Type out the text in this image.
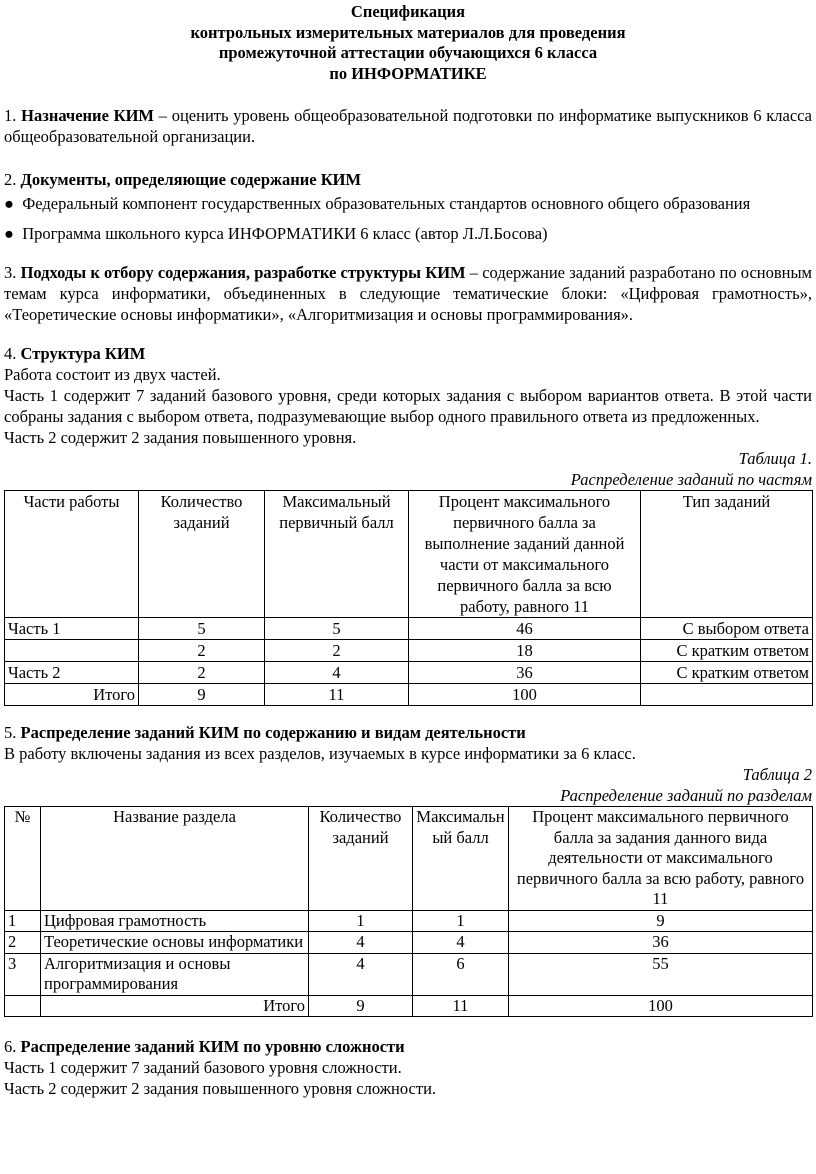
Спецификация
контрольных измерительных материалов для проведения
промежуточной аттестации обучающихся 6 класса
по ИНФОРМАТИКЕ

1. Назначение КИМ – оценить уровень общеобразовательной подготовки по информатике выпускников 6 класса общеобразовательной организации.

2. Документы, определяющие содержание КИМ

● Федеральный компонент государственных образовательных стандартов основного общего образования

● Программа школьного курса ИНФОРМАТИКИ 6 класс (автор Л.Л.Босова)

3. Подходы к отбору содержания, разработке структуры КИМ – содержание заданий разработано по основным темам курса информатики, объединенных в следующие тематические блоки: «Цифровая грамотность», «Теоретические основы информатики», «Алгоритмизация и основы программирования».

4. Структура КИМ

Работа состоит из двух частей.

Часть 1 содержит 7 заданий базового уровня, среди которых задания с выбором вариантов ответа. В этой части собраны задания с выбором ответа, подразумевающие выбор одного правильного ответа из предложенных.

Часть 2 содержит 2 задания повышенного уровня.

Таблица 1.

Распределение заданий по частям

Части работы	Количество заданий	Максимальный первичный балл	Процент максимального первичного балла за выполнение заданий данной части от максимального первичного балла за всю работу, равного 11	Тип заданий
Часть 1	5	5	46	С выбором ответа
	2	2	18	С кратким ответом
Часть 2	2	4	36	С кратким ответом
Итого	9	11	100	

5. Распределение заданий КИМ по содержанию и видам деятельности

В работу включены задания из всех разделов, изучаемых в курсе информатики за 6 класс.

Таблица 2

Распределение заданий по разделам

№	Название раздела	Количество заданий	Максимальный балл	Процент максимального первичного балла за задания данного вида деятельности от максимального первичного балла за всю работу, равного 11
1	Цифровая грамотность	1	1	9
2	Теоретические основы информатики	4	4	36
3	Алгоритмизация и основы программирования	4	6	55
	Итого	9	11	100

6. Распределение заданий КИМ по уровню сложности

Часть 1 содержит 7 заданий базового уровня сложности.

Часть 2 содержит 2 задания повышенного уровня сложности.
